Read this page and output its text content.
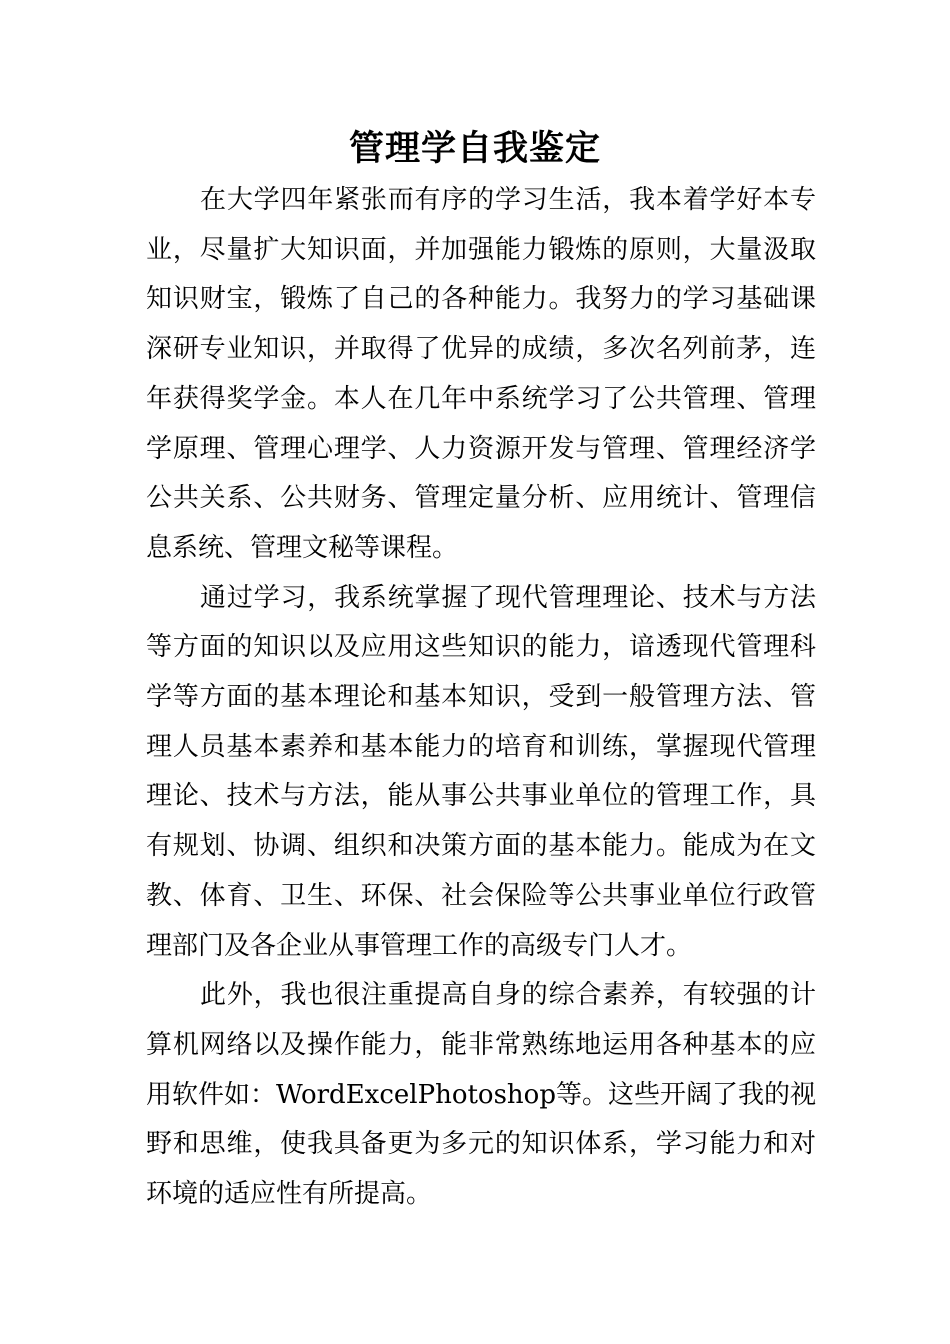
管理学自我鉴定

在大学四年紧张而有序的学习生活，我本着学好本专业，尽量扩大知识面，并加强能力锻炼的原则，大量汲取知识财宝，锻炼了自己的各种能力。我努力的学习基础课深研专业知识，并取得了优异的成绩，多次名列前茅，连年获得奖学金。本人在几年中系统学习了公共管理、管理学原理、管理心理学、人力资源开发与管理、管理经济学公共关系、公共财务、管理定量分析、应用统计、管理信息系统、管理文秘等课程。

通过学习，我系统掌握了现代管理理论、技术与方法等方面的知识以及应用这些知识的能力，谙透现代管理科学等方面的基本理论和基本知识，受到一般管理方法、管理人员基本素养和基本能力的培育和训练，掌握现代管理理论、技术与方法，能从事公共事业单位的管理工作，具有规划、协调、组织和决策方面的基本能力。能成为在文教、体育、卫生、环保、社会保险等公共事业单位行政管理部门及各企业从事管理工作的高级专门人才。

此外，我也很注重提高自身的综合素养，有较强的计算机网络以及操作能力，能非常熟练地运用各种基本的应用软件如：WordExcelPhotoshop等。这些开阔了我的视野和思维，使我具备更为多元的知识体系，学习能力和对环境的适应性有所提高。
